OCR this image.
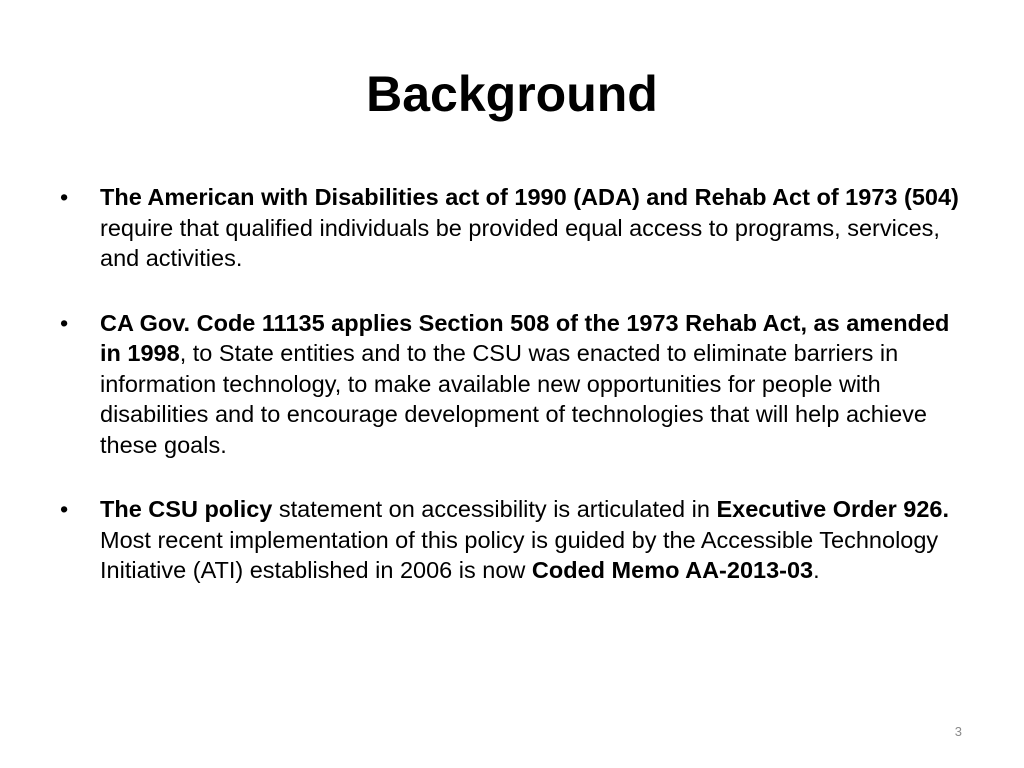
Background
•	The American with Disabilities act of 1990 (ADA) and Rehab Act of 1973 (504) require that qualified individuals be provided equal access to programs, services, and activities.
•	CA Gov. Code 11135 applies Section 508 of the 1973 Rehab Act, as amended in 1998, to State entities and to the CSU was enacted to eliminate barriers in information technology, to make available new opportunities for people with disabilities and to encourage development of technologies that will help achieve these goals.
•	The CSU policy statement on accessibility is articulated in Executive Order 926.  Most recent implementation of this policy is guided by the Accessible Technology Initiative (ATI) established in 2006 is now Coded Memo AA-2013-03.
3
